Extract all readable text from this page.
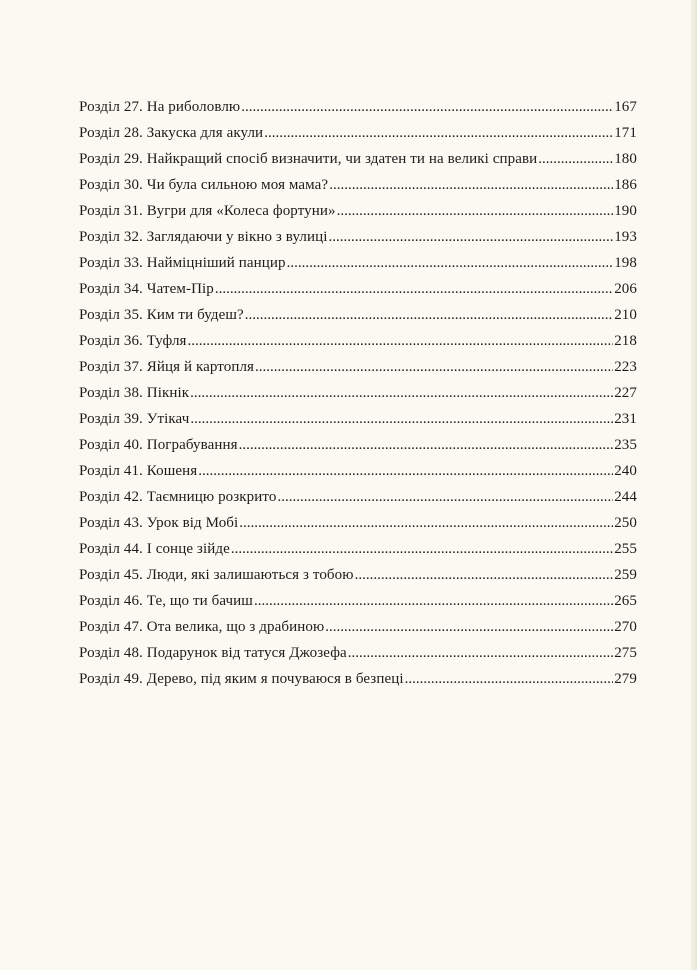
Розділ 27. На риболовлю .....	167
Розділ 28. Закуска для акули .....	171
Розділ 29. Найкращий спосіб визначити, чи здатен ти на великі справи .....	180
Розділ 30. Чи була сильною моя мама? .....	186
Розділ 31. Вугри для «Колеса фортуни» .....	190
Розділ 32. Заглядаючи у вікно з вулиці .....	193
Розділ 33. Найміцніший панцир .....	198
Розділ 34. Чатем-Пір .....	206
Розділ 35. Ким ти будеш? .....	210
Розділ 36. Туфля .....	218
Розділ 37. Яйця й картопля .....	223
Розділ 38. Пікнік .....	227
Розділ 39. Утікач .....	231
Розділ 40. Пограбування .....	235
Розділ 41. Кошеня .....	240
Розділ 42. Таємницю розкрито .....	244
Розділ 43. Урок від Мобі .....	250
Розділ 44. І сонце зійде .....	255
Розділ 45. Люди, які залишаються з тобою .....	259
Розділ 46. Те, що ти бачиш .....	265
Розділ 47. Ота велика, що з драбиною .....	270
Розділ 48. Подарунок від татуся Джозефа .....	275
Розділ 49. Дерево, під яким я почуваюся в безпеці .....	279
